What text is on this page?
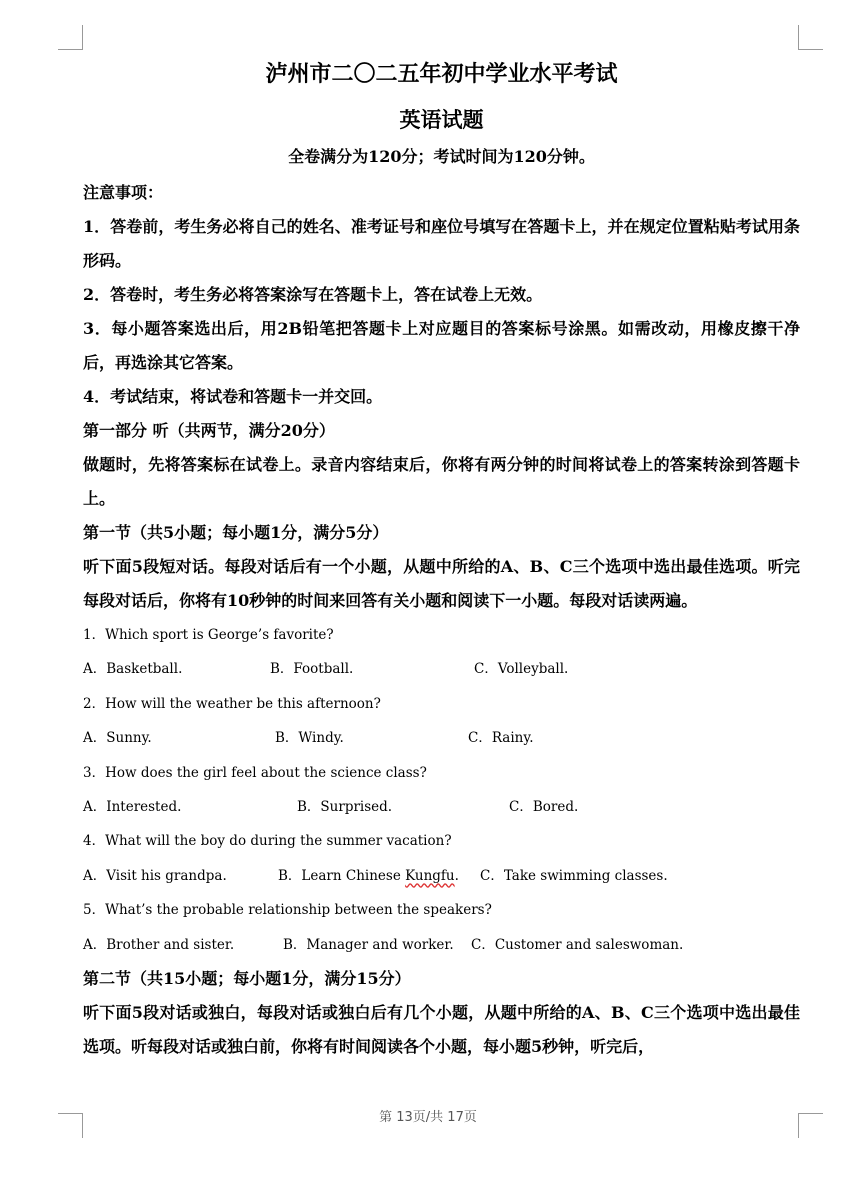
泸州市二〇二五年初中学业水平考试
英语试题
全卷满分为120分；考试时间为120分钟。
注意事项：
1．答卷前，考生务必将自己的姓名、准考证号和座位号填写在答题卡上，并在规定位置粘贴考试用条形码。
2．答卷时，考生务必将答案涂写在答题卡上，答在试卷上无效。
3．每小题答案选出后，用2B铅笔把答题卡上对应题目的答案标号涂黑。如需改动，用橡皮擦干净后，再选涂其它答案。
4．考试结束，将试卷和答题卡一并交回。
第一部分 听（共两节，满分20分）
做题时，先将答案标在试卷上。录音内容结束后，你将有两分钟的时间将试卷上的答案转涂到答题卡上。
第一节（共5小题；每小题1分，满分5分）
听下面5段短对话。每段对话后有一个小题，从题中所给的A、B、C三个选项中选出最佳选项。听完每段对话后，你将有10秒钟的时间来回答有关小题和阅读下一小题。每段对话读两遍。
1．Which sport is George’s favorite?
A．Basketball.	B．Football.	C．Volleyball.
2．How will the weather be this afternoon?
A．Sunny.	B．Windy.	C．Rainy.
3．How does the girl feel about the science class?
A．Interested.	B．Surprised.	C．Bored.
4．What will the boy do during the summer vacation?
A．Visit his grandpa.	B．Learn Chinese Kungfu. C．Take swimming classes.
5．What’s the probable relationship between the speakers?
A．Brother and sister.	B．Manager and worker. C．Customer and saleswoman.
第二节（共15小题；每小题1分，满分15分）
听下面5段对话或独白，每段对话或独白后有几个小题，从题中所给的A、B、C三个选项中选出最佳选项。听每段对话或独白前，你将有时间阅读各个小题，每小题5秒钟，听完后，
第 13页/共 17页
